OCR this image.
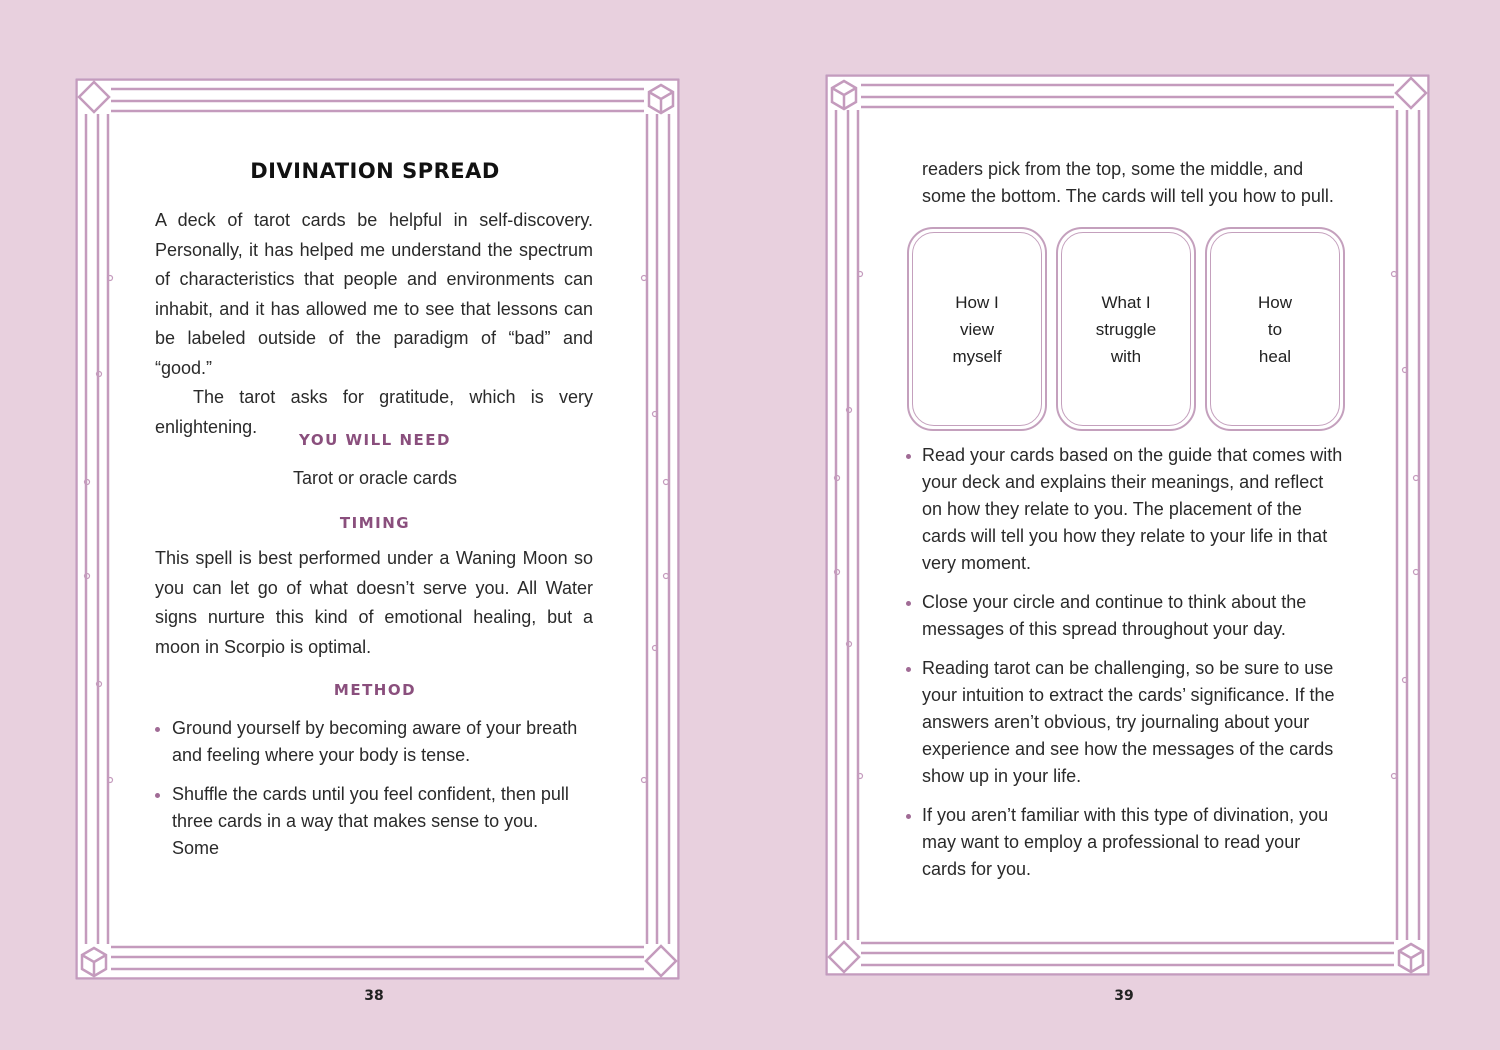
DIVINATION SPREAD

A deck of tarot cards be helpful in self-discovery. Personally, it has helped me understand the spectrum of characteristics that people and environments can inhabit, and it has allowed me to see that lessons can be labeled outside of the paradigm of “bad” and “good.”

The tarot asks for gratitude, which is very enlightening.

YOU WILL NEED
Tarot or oracle cards
TIMING

This spell is best performed under a Waning Moon so you can let go of what doesn’t serve you. All Water signs nurture this kind of emotional healing, but a moon in Scorpio is optimal.

METHOD
Ground yourself by becoming aware of your breath and feeling where your body is tense.
Shuffle the cards until you feel confident, then pull three cards in a way that makes sense to you. Some
38

readers pick from the top, some the middle, and some the bottom. The cards will tell you how to pull.

How I
view
myself
What I
struggle
with
How
to
heal
Read your cards based on the guide that comes with your deck and explains their meanings, and reflect on how they relate to you. The placement of the cards will tell you how they relate to your life in that very moment.
Close your circle and continue to think about the messages of this spread throughout your day.
Reading tarot can be challenging, so be sure to use your intuition to extract the cards’ significance. If the answers aren’t obvious, try journaling about your experience and see how the messages of the cards show up in your life.
If you aren’t familiar with this type of divination, you may want to employ a professional to read your cards for you.
39
